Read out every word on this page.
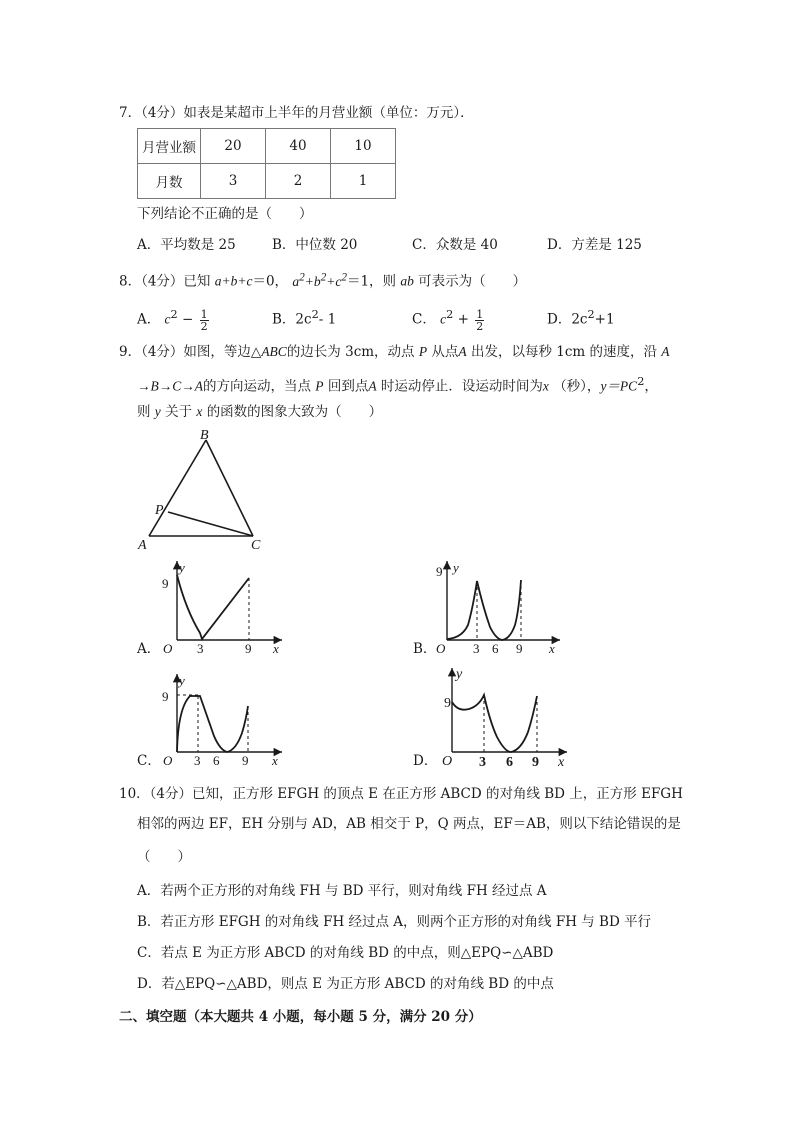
7．（4分）如表是某超市上半年的月营业额（单位：万元）．
月营业额	20	40	10
月数	3	2	1
下列结论不正确的是（　　）
A．平均数是 25	B．中位数 20	C．众数是 40	D．方差是 125
8．（4分）已知 a+b+c＝0， $a^2+b^2+c^2=1$，则 ab 可表示为（　　）
A． $c^2 - \frac{1}{2}$	B．$2c^2-$ 1	C． $c^2 + \frac{1}{2}$	D．$2c^2+1$
9．（4分）如图，等边△ABC的边长为 3cm，动点 P 从点A 出发，以每秒 1cm 的速度，沿 A
→B→C→A的方向运动，当点 P 回到点A 时运动停止．设运动时间为x （秒），$y=PC^2$，
则 y 关于 x 的函数的图象大致为（　　）
B
P
A	C
A．
y
9
O 3	9 x	B．
y
9
O 3 6 9 x
C．
y
9
O 3 6 9 x	D．
y
9
O 3 6 9 x
10．（4分）已知，正方形 EFGH 的顶点 E 在正方形 ABCD 的对角线 BD 上，正方形 EFGH
相邻的两边 EF，EH 分别与 AD，AB 相交于 P，Q 两点，EF＝AB，则以下结论错误的是
（　　）
A．若两个正方形的对角线 FH 与 BD 平行，则对角线 FH 经过点 A
B．若正方形 EFGH 的对角线 FH 经过点 A，则两个正方形的对角线 FH 与 BD 平行
C．若点 E 为正方形 ABCD 的对角线 BD 的中点，则△EPQ∽△ABD
D．若△EPQ∽△ABD，则点 E 为正方形 ABCD 的对角线 BD 的中点
二、填空题（本大题共 4 小题，每小题 5 分，满分 20 分）
